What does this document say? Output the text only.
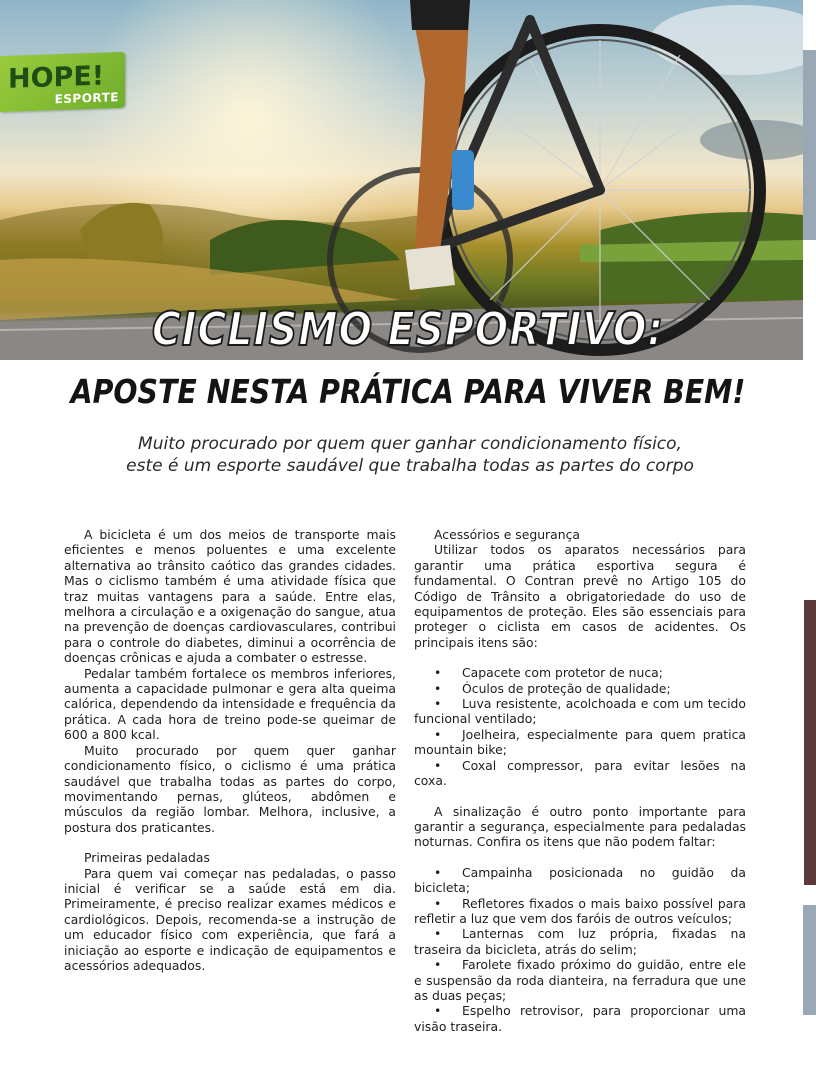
HOPE!
ESPORTE
CICLISMO ESPORTIVO:
APOSTE NESTA PRÁTICA PARA VIVER BEM!
Muito procurado por quem quer ganhar condicionamento físico,
este é um esporte saudável que trabalha todas as partes do corpo

A bicicleta é um dos meios de transporte mais eficientes e menos poluentes e uma excelente alternativa ao trânsito caótico das grandes cidades. Mas o ciclismo também é uma atividade física que traz muitas vantagens para a saúde. Entre elas, melhora a circulação e a oxigenação do sangue, atua na prevenção de doenças cardiovasculares, contribui para o controle do diabetes, diminui a ocorrência de doenças crônicas e ajuda a combater o estresse.

Pedalar também fortalece os membros inferiores, aumenta a capacidade pulmonar e gera alta queima calórica, dependendo da intensidade e frequência da prática. A cada hora de treino pode-se queimar de 600 a 800 kcal.

Muito procurado por quem quer ganhar condicionamento físico, o ciclismo é uma prática saudável que trabalha todas as partes do corpo, movimentando pernas, glúteos, abdômen e músculos da região lombar. Melhora, inclusive, a postura dos praticantes.

Primeiras pedaladas

Para quem vai começar nas pedaladas, o passo inicial é verificar se a saúde está em dia. Primeiramente, é preciso realizar exames médicos e cardiológicos. Depois, recomenda-se a instrução de um educador físico com experiência, que fará a iniciação ao esporte e indicação de equipamentos e acessórios adequados.

Acessórios e segurança

Utilizar todos os aparatos necessários para garantir uma prática esportiva segura é fundamental. O Contran prevê no Artigo 105 do Código de Trânsito a obrigatoriedade do uso de equipamentos de proteção. Eles são essenciais para proteger o ciclista em casos de acidentes. Os principais itens são:

• Capacete com protetor de nuca;
• Óculos de proteção de qualidade;
• Luva resistente, acolchoada e com um tecido funcional ventilado;
• Joelheira, especialmente para quem pratica mountain bike;
• Coxal compressor, para evitar lesões na coxa.

A sinalização é outro ponto importante para garantir a segurança, especialmente para pedaladas noturnas. Confira os itens que não podem faltar:

• Campainha posicionada no guidão da bicicleta;
• Refletores fixados o mais baixo possível para refletir a luz que vem dos faróis de outros veículos;
• Lanternas com luz própria, fixadas na traseira da bicicleta, atrás do selim;
• Farolete fixado próximo do guidão, entre ele e suspensão da roda dianteira, na ferradura que une as duas peças;
• Espelho retrovisor, para proporcionar uma visão traseira.
